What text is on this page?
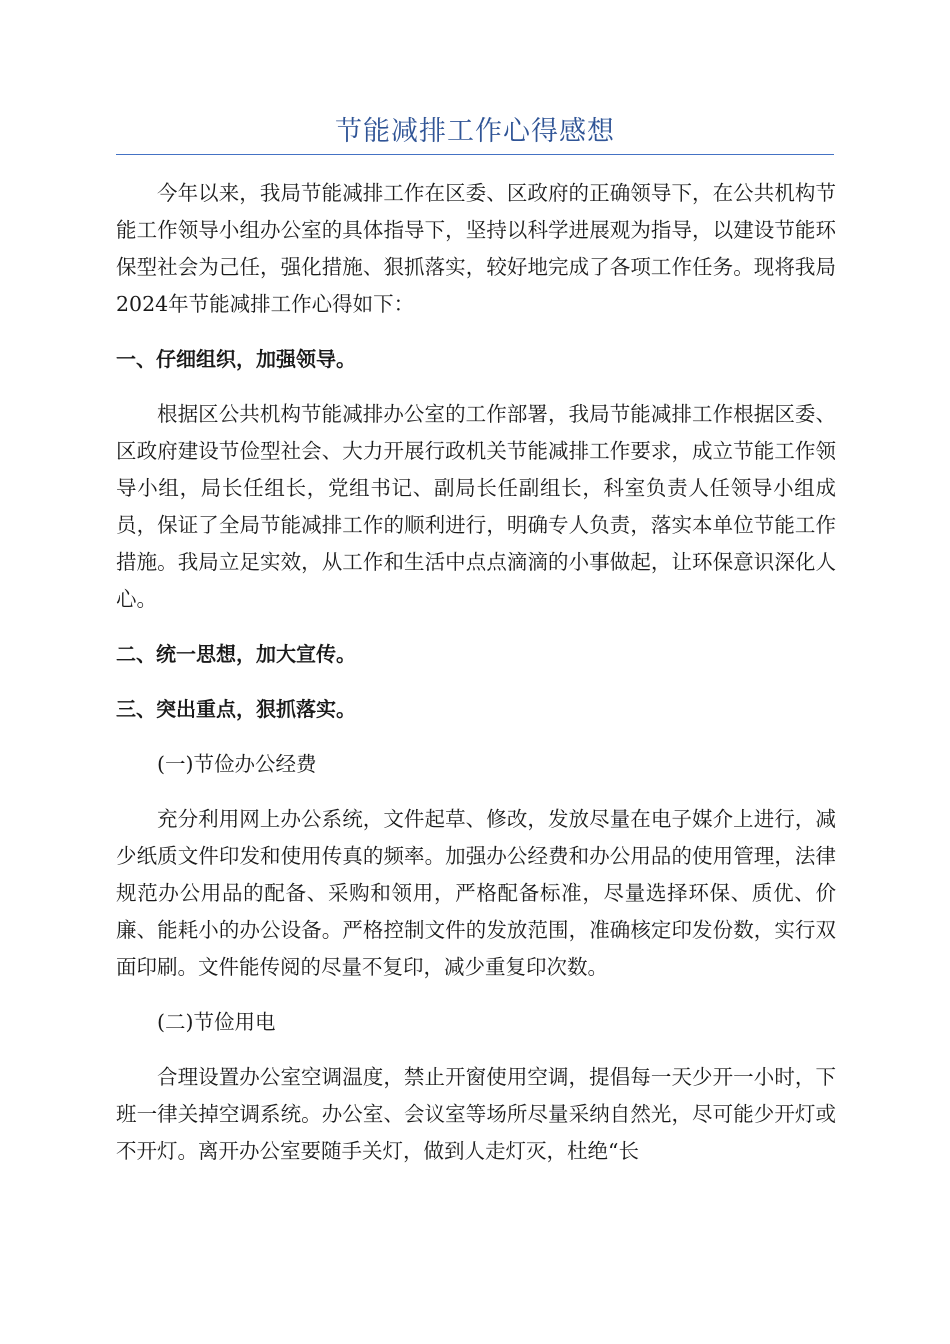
节能减排工作心得感想

今年以来，我局节能减排工作在区委、区政府的正确领导下，在公共机构节能工作领导小组办公室的具体指导下，坚持以科学进展观为指导，以建设节能环保型社会为己任，强化措施、狠抓落实，较好地完成了各项工作任务。现将我局2024年节能减排工作心得如下：

一、仔细组织，加强领导。

根据区公共机构节能减排办公室的工作部署，我局节能减排工作根据区委、区政府建设节俭型社会、大力开展行政机关节能减排工作要求，成立节能工作领导小组，局长任组长，党组书记、副局长任副组长，科室负责人任领导小组成员，保证了全局节能减排工作的顺利进行，明确专人负责，落实本单位节能工作措施。我局立足实效，从工作和生活中点点滴滴的小事做起，让环保意识深化人心。

二、统一思想，加大宣传。

三、突出重点，狠抓落实。

(一)节俭办公经费

充分利用网上办公系统，文件起草、修改，发放尽量在电子媒介上进行，减少纸质文件印发和使用传真的频率。加强办公经费和办公用品的使用管理，法律规范办公用品的配备、采购和领用，严格配备标准，尽量选择环保、质优、价廉、能耗小的办公设备。严格控制文件的发放范围，准确核定印发份数，实行双面印刷。文件能传阅的尽量不复印，减少重复印次数。

(二)节俭用电

合理设置办公室空调温度，禁止开窗使用空调，提倡每一天少开一小时，下班一律关掉空调系统。办公室、会议室等场所尽量采纳自然光，尽可能少开灯或不开灯。离开办公室要随手关灯，做到人走灯灭，杜绝“长
